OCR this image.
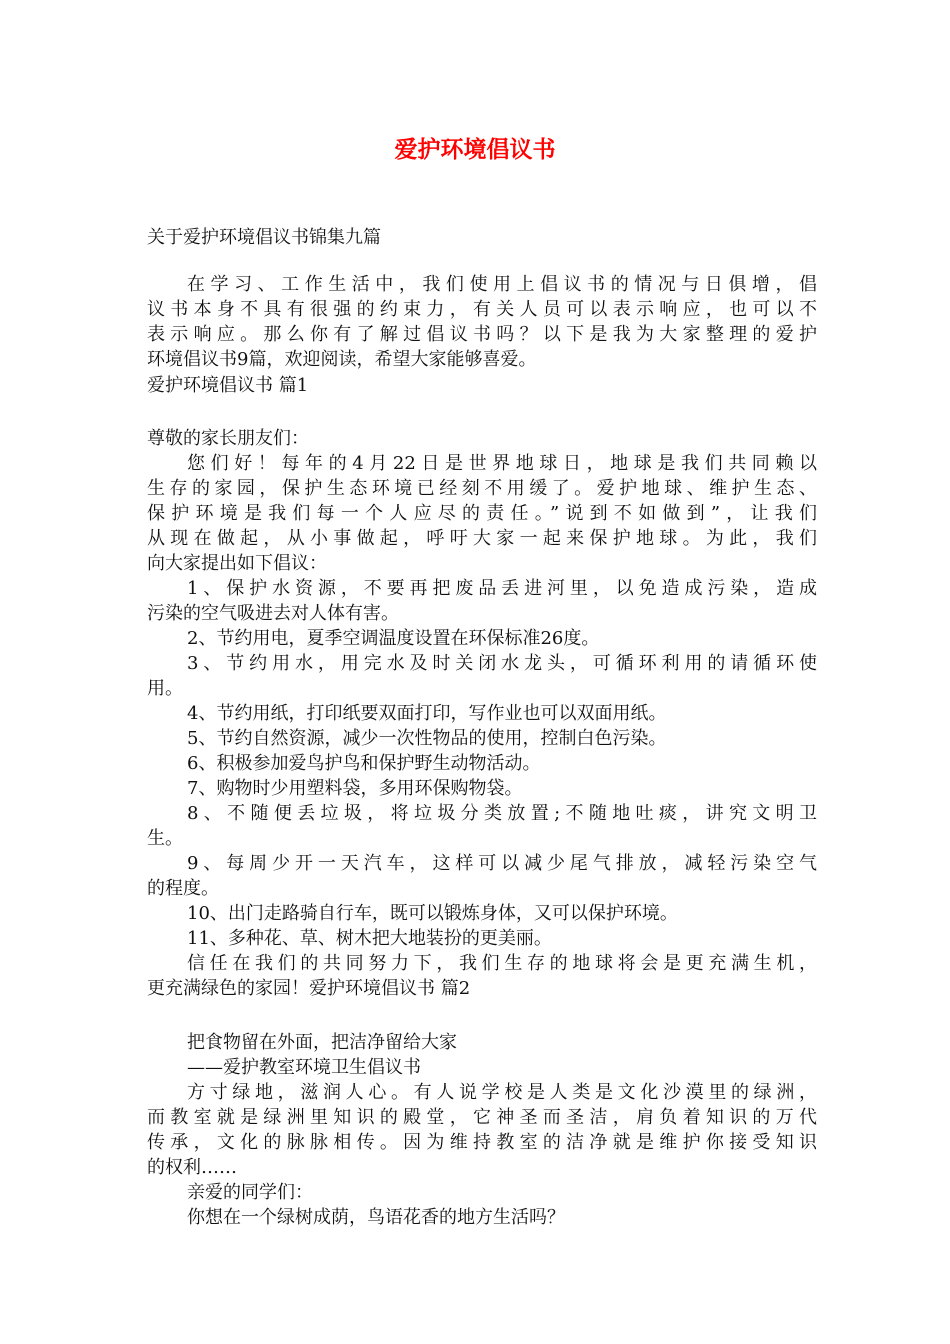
爱护环境倡议书
关于爱护环境倡议书锦集九篇
在学习、工作生活中，我们使用上倡议书的情况与日俱增，倡
议书本身不具有很强的约束力，有关人员可以表示响应，也可以不
表示响应。那么你有了解过倡议书吗？以下是我为大家整理的爱护
环境倡议书9篇，欢迎阅读，希望大家能够喜爱。
爱护环境倡议书 篇1
尊敬的家长朋友们：
您们好！每年的4月22日是世界地球日，地球是我们共同赖以
生存的家园，保护生态环境已经刻不用缓了。爱护地球、维护生态、
保护环境是我们每一个人应尽的责任。”说到不如做到”，让我们
从现在做起，从小事做起，呼吁大家一起来保护地球。为此，我们
向大家提出如下倡议：
1、保护水资源，不要再把废品丢进河里，以免造成污染，造成
污染的空气吸进去对人体有害。
2、节约用电，夏季空调温度设置在环保标准26度。
3、节约用水，用完水及时关闭水龙头，可循环利用的请循环使
用。
4、节约用纸，打印纸要双面打印，写作业也可以双面用纸。
5、节约自然资源，减少一次性物品的使用，控制白色污染。
6、积极参加爱鸟护鸟和保护野生动物活动。
7、购物时少用塑料袋，多用环保购物袋。
8、不随便丢垃圾，将垃圾分类放置;不随地吐痰，讲究文明卫
生。
9、每周少开一天汽车，这样可以减少尾气排放，减轻污染空气
的程度。
10、出门走路骑自行车，既可以锻炼身体，又可以保护环境。
11、多种花、草、树木把大地装扮的更美丽。
信任在我们的共同努力下，我们生存的地球将会是更充满生机，
更充满绿色的家园！爱护环境倡议书 篇2
把食物留在外面，把洁净留给大家
——爱护教室环境卫生倡议书
方寸绿地，滋润人心。有人说学校是人类是文化沙漠里的绿洲，
而教室就是绿洲里知识的殿堂，它神圣而圣洁，肩负着知识的万代
传承，文化的脉脉相传。因为维持教室的洁净就是维护你接受知识
的权利……
亲爱的同学们：
你想在一个绿树成荫，鸟语花香的地方生活吗？
